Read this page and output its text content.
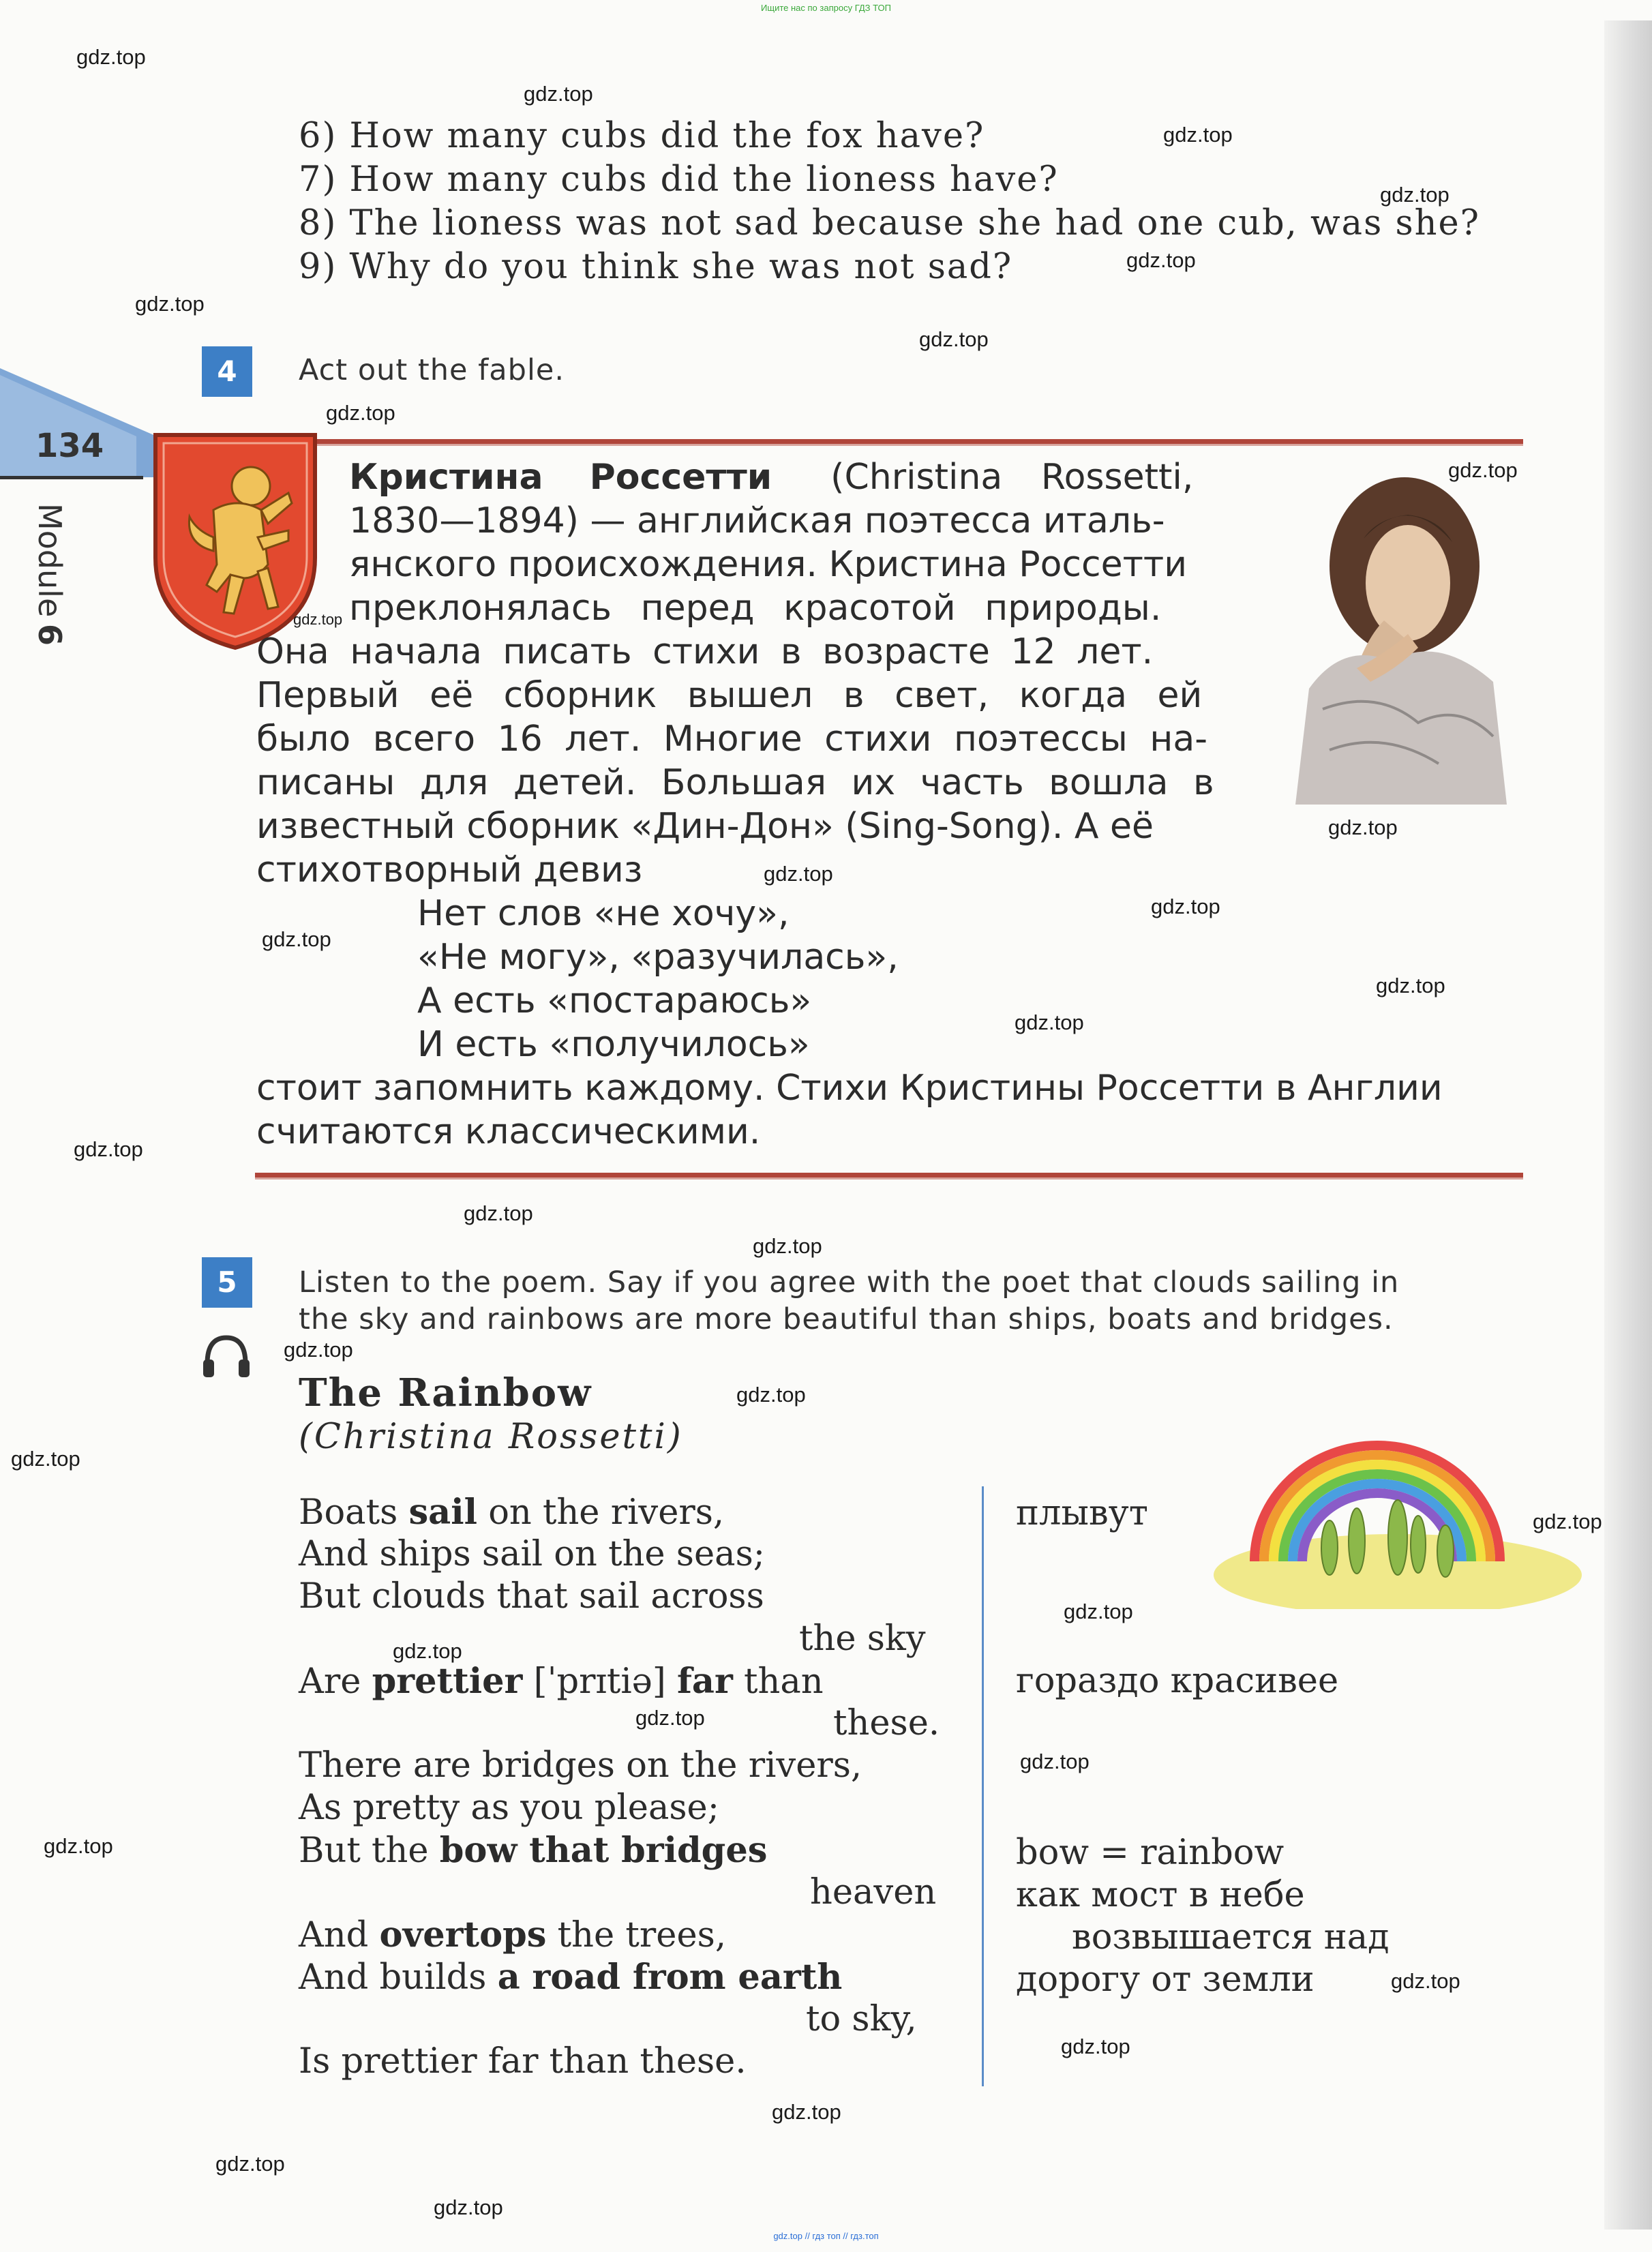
Ищите нас по запросу ГДЗ ТОП
gdz.top // гдз топ // гдз.топ
6) How many cubs did the fox have?
7) How many cubs did the lioness have?
8) The lioness was not sad because she had one cub, was she?
9) Why do you think she was not sad?
4	Act out the fable.
134
Module
6
Кристина Россетти (Christina Rossetti,
1830—1894) — английская поэтесса италь-
янского происхождения. Кристина Россетти
преклонялась перед красотой природы.
Она начала писать стихи в возрасте 12 лет.
Первый её сборник вышел в свет, когда ей
было всего 16 лет. Многие стихи поэтессы на-
писаны для детей. Большая их часть вошла в
известный сборник «Дин-Дон» (Sing-Song). А её
стихотворный девиз
Нет слов «не хочу»,
«Не могу», «разучилась»,
А есть «постараюсь»
И есть «получилось»
стоит запомнить каждому. Стихи Кристины Россетти в Англии
считаются классическими.
5	Listen to the poem. Say if you agree with the poet that clouds sailing in
the sky and rainbows are more beautiful than ships, boats and bridges.
The Rainbow
(Christina Rossetti)
Boats sail on the rivers,
And ships sail on the seas;
But clouds that sail across
the sky
Are prettier [ˈprɪtiə] far than
these.
There are bridges on the rivers,
As pretty as you please;
But the bow that bridges
heaven
And overtops the trees,
And builds a road from earth
to sky,
Is prettier far than these.
плывут
гораздо красивее
bow = rainbow
как мост в небе
возвышается над
дорогу от земли
gdz.top
gdz.top
gdz.top
gdz.top
gdz.top
gdz.top
gdz.top
gdz.top
gdz.top
gdz.top
gdz.top
gdz.top
gdz.top
gdz.top
gdz.top
gdz.top
gdz.top
gdz.top
gdz.top
gdz.top
gdz.top
gdz.top
gdz.top
gdz.top
gdz.top
gdz.top
gdz.top
gdz.top
gdz.top
gdz.top
gdz.top
gdz.top
gdz.top
